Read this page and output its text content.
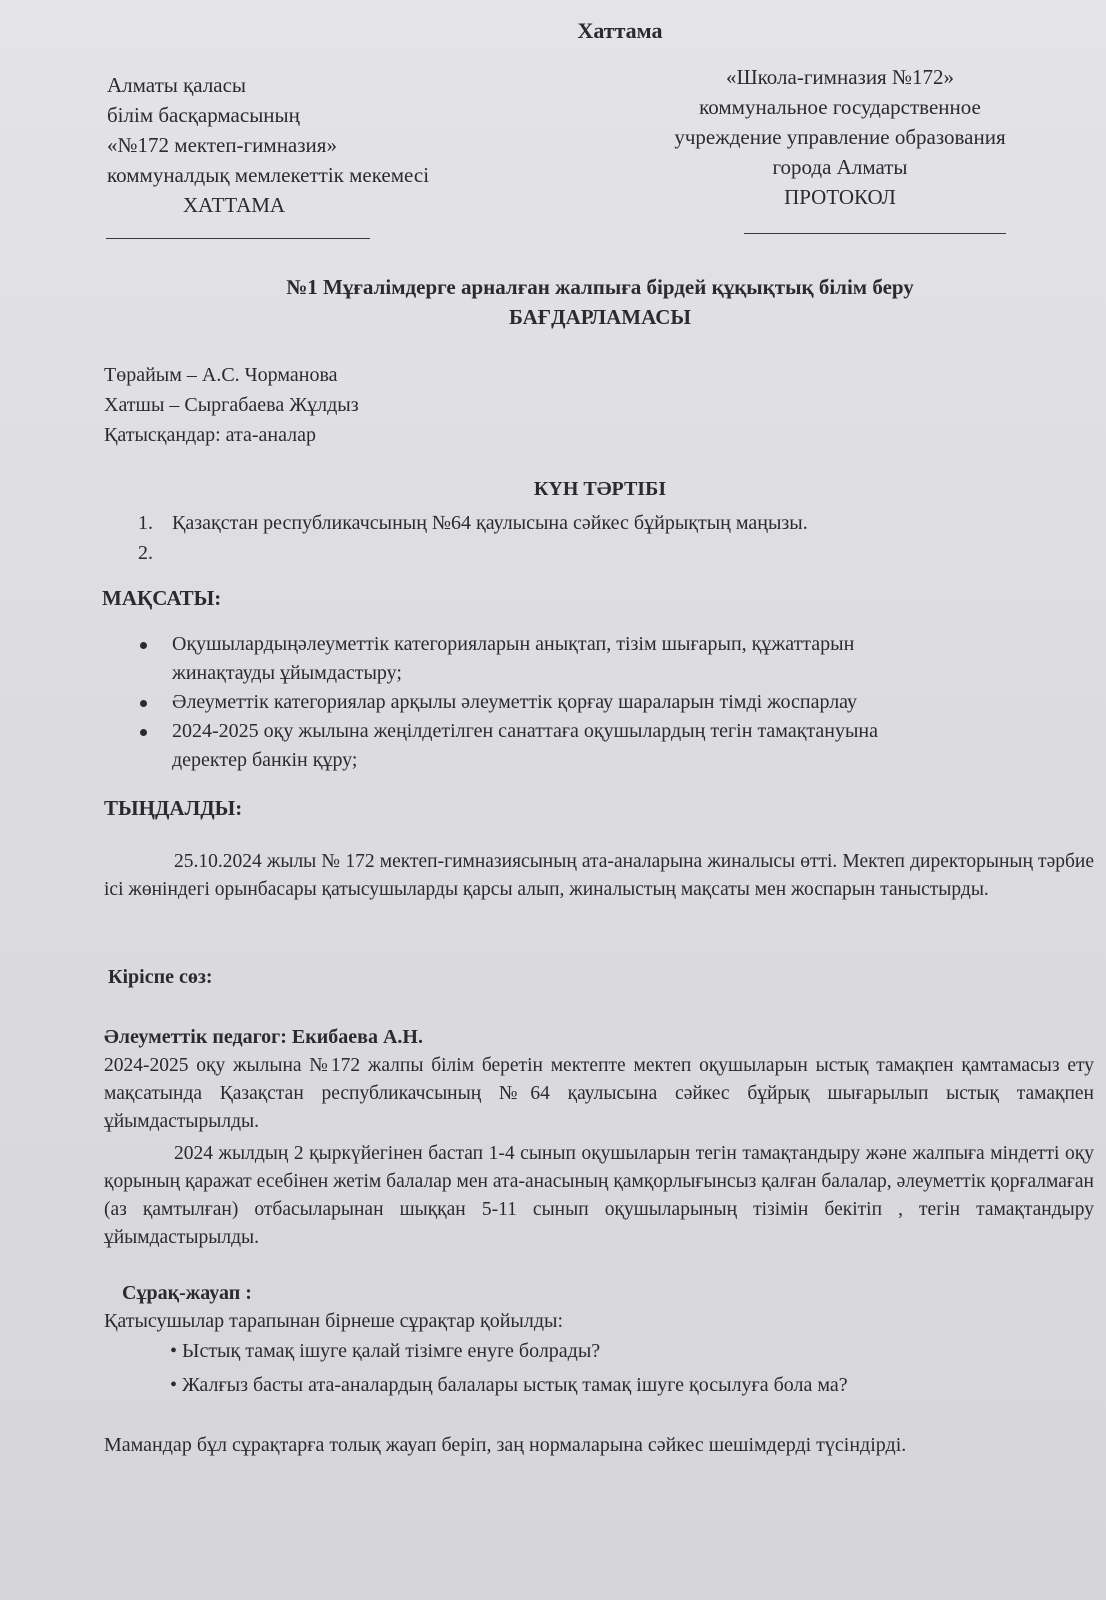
Хаттама
Алматы қаласы
білім басқармасының
«№172 мектеп-гимназия»
коммуналдық мемлекеттік мекемесі
ХАТТАМА
«Школа-гимназия №172»
коммунальное государственное
учреждение управление образования
города Алматы
ПРОТОКОЛ
№1 Мұғалімдерге арналған жалпыға бірдей құқықтық білім беру
БАҒДАРЛАМАСЫ
Төрайым – А.С. Чорманова
Хатшы – Сыргабаева Жұлдыз
Қатысқандар: ата-аналар
КҮН ТӘРТІБІ
1. Қазақстан республикачсының №64 қаулысына сәйкес бұйрықтың маңызы.
2.
МАҚСАТЫ:
Оқушылардыңәлеуметтік категорияларын анықтап, тізім шығарып, құжаттарын
жинақтауды ұйымдастыру;
Әлеуметтік категориялар арқылы әлеуметтік қорғау шараларын тімді жоспарлау
2024-2025 оқу жылына жеңілдетілген санаттаға оқушылардың тегін тамақтануына
деректер банкін құру;
ТЫҢДАЛДЫ:
25.10.2024 жылы № 172 мектеп-гимназиясының ата-аналарына жиналысы өтті. Мектеп директорының тәрбие ісі жөніндегі орынбасары қатысушыларды қарсы алып, жиналыстың мақсаты мен жоспарын таныстырды.
Кіріспе сөз:
Әлеуметтік педагог: Екибаева А.Н.
2024-2025 оқу жылына №172 жалпы білім беретін мектепте мектеп оқушыларын ыстық тамақпен қамтамасыз ету мақсатында Қазақстан республикачсының №64 қаулысына сәйкес бұйрық шығарылып ыстық тамақпен ұйымдастырылды.
2024 жылдың 2 қыркүйегінен бастап 1-4 сынып оқушыларын тегін тамақтандыру және жалпыға міндетті оқу қорының қаражат есебінен жетім балалар мен ата-анасының қамқорлығынсыз қалған балалар, әлеуметтік қорғалмаған (аз қамтылған) отбасыларынан шыққан 5-11 сынып оқушыларының тізімін бекітіп , тегін тамақтандыру ұйымдастырылды.
Сұрақ-жауап :
Қатысушылар тарапынан бірнеше сұрақтар қойылды:
• Ыстық тамақ ішуге қалай тізімге енуге болрады?
• Жалғыз басты ата-аналардың балалары ыстық тамақ ішуге қосылуға бола ма?
Мамандар бұл сұрақтарға толық жауап беріп, заң нормаларына сәйкес шешімдерді түсіндірді.
